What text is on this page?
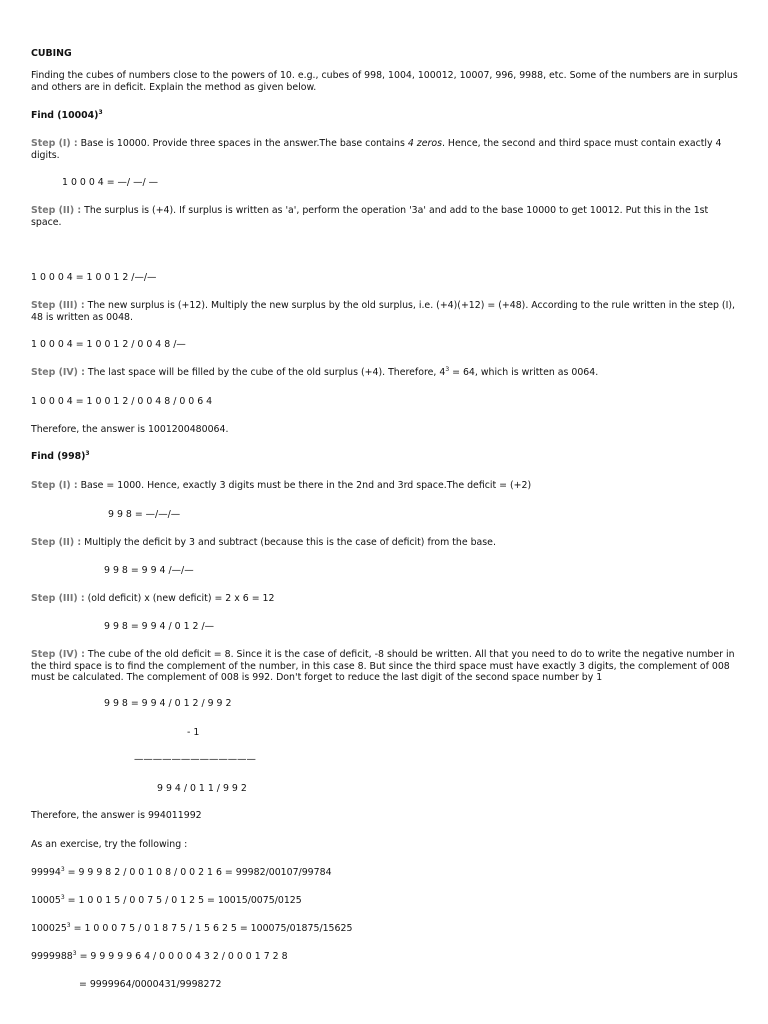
CUBING
Finding the cubes of numbers close to the powers of 10. e.g., cubes of 998, 1004, 100012, 10007, 996, 9988, etc. Some of the numbers are in surplus and others are in deficit. Explain the method as given below.
Find $(10004)^3$
Step (I) : Base is 10000. Provide three spaces in the answer.The base contains 4 zeros. Hence, the second and third space must contain exactly 4 digits.
1 0 0 0 4 = —/ —/ —
Step (II) : The surplus is (+4). If surplus is written as 'a', perform the operation '3a' and add to the base 10000 to get 10012. Put this in the 1st space.
1 0 0 0 4 = 1 0 0 1 2 /—/—
Step (III) : The new surplus is (+12). Multiply the new surplus by the old surplus, i.e. (+4)(+12) = (+48). According to the rule written in the step (I), 48 is written as 0048.
1 0 0 0 4 = 1 0 0 1 2 / 0 0 4 8 /—
Step (IV) : The last space will be filled by the cube of the old surplus (+4). Therefore, $4^3 = 64$, which is written as 0064.
1 0 0 0 4 = 1 0 0 1 2 / 0 0 4 8 / 0 0 6 4
Therefore, the answer is 1001200480064.
Find $(998)^3$
Step (I) : Base = 1000. Hence, exactly 3 digits must be there in the 2nd and 3rd space.The deficit = (+2)
9 9 8 = —/—/—
Step (II) : Multiply the deficit by 3 and subtract (because this is the case of deficit) from the base.
9 9 8 = 9 9 4 /—/—
Step (III) : (old deficit) x (new deficit) = 2 x 6 = 12
9 9 8 = 9 9 4 / 0 1 2 /—
Step (IV) : The cube of the old deficit = 8. Since it is the case of deficit, -8 should be written. All that you need to do to write the negative number in the third space is to find the complement of the number, in this case 8. But since the third space must have exactly 3 digits, the complement of 008 must be calculated. The complement of 008 is 992. Don't forget to reduce the last digit of the second space number by 1
9 9 8 = 9 9 4 / 0 1 2 / 9 9 2
- 1
—————————————
9 9 4 / 0 1 1 / 9 9 2
Therefore, the answer is 994011992
As an exercise, try the following :
$99994^3 = 9$ 9 9 8 2 / 0 0 1 0 8 / 0 0 2 1 6 = 99982/00107/99784
$10005^3 = 1$ 0 0 1 5 / 0 0 7 5 / 0 1 2 5 = 10015/0075/0125
$100025^3 = 1$ 0 0 0 7 5 / 0 1 8 7 5 / 1 5 6 2 5 = 100075/01875/15625
$9999988^3 = 9$ 9 9 9 9 6 4 / 0 0 0 0 4 3 2 / 0 0 0 1 7 2 8
= 9999964/0000431/9998272
